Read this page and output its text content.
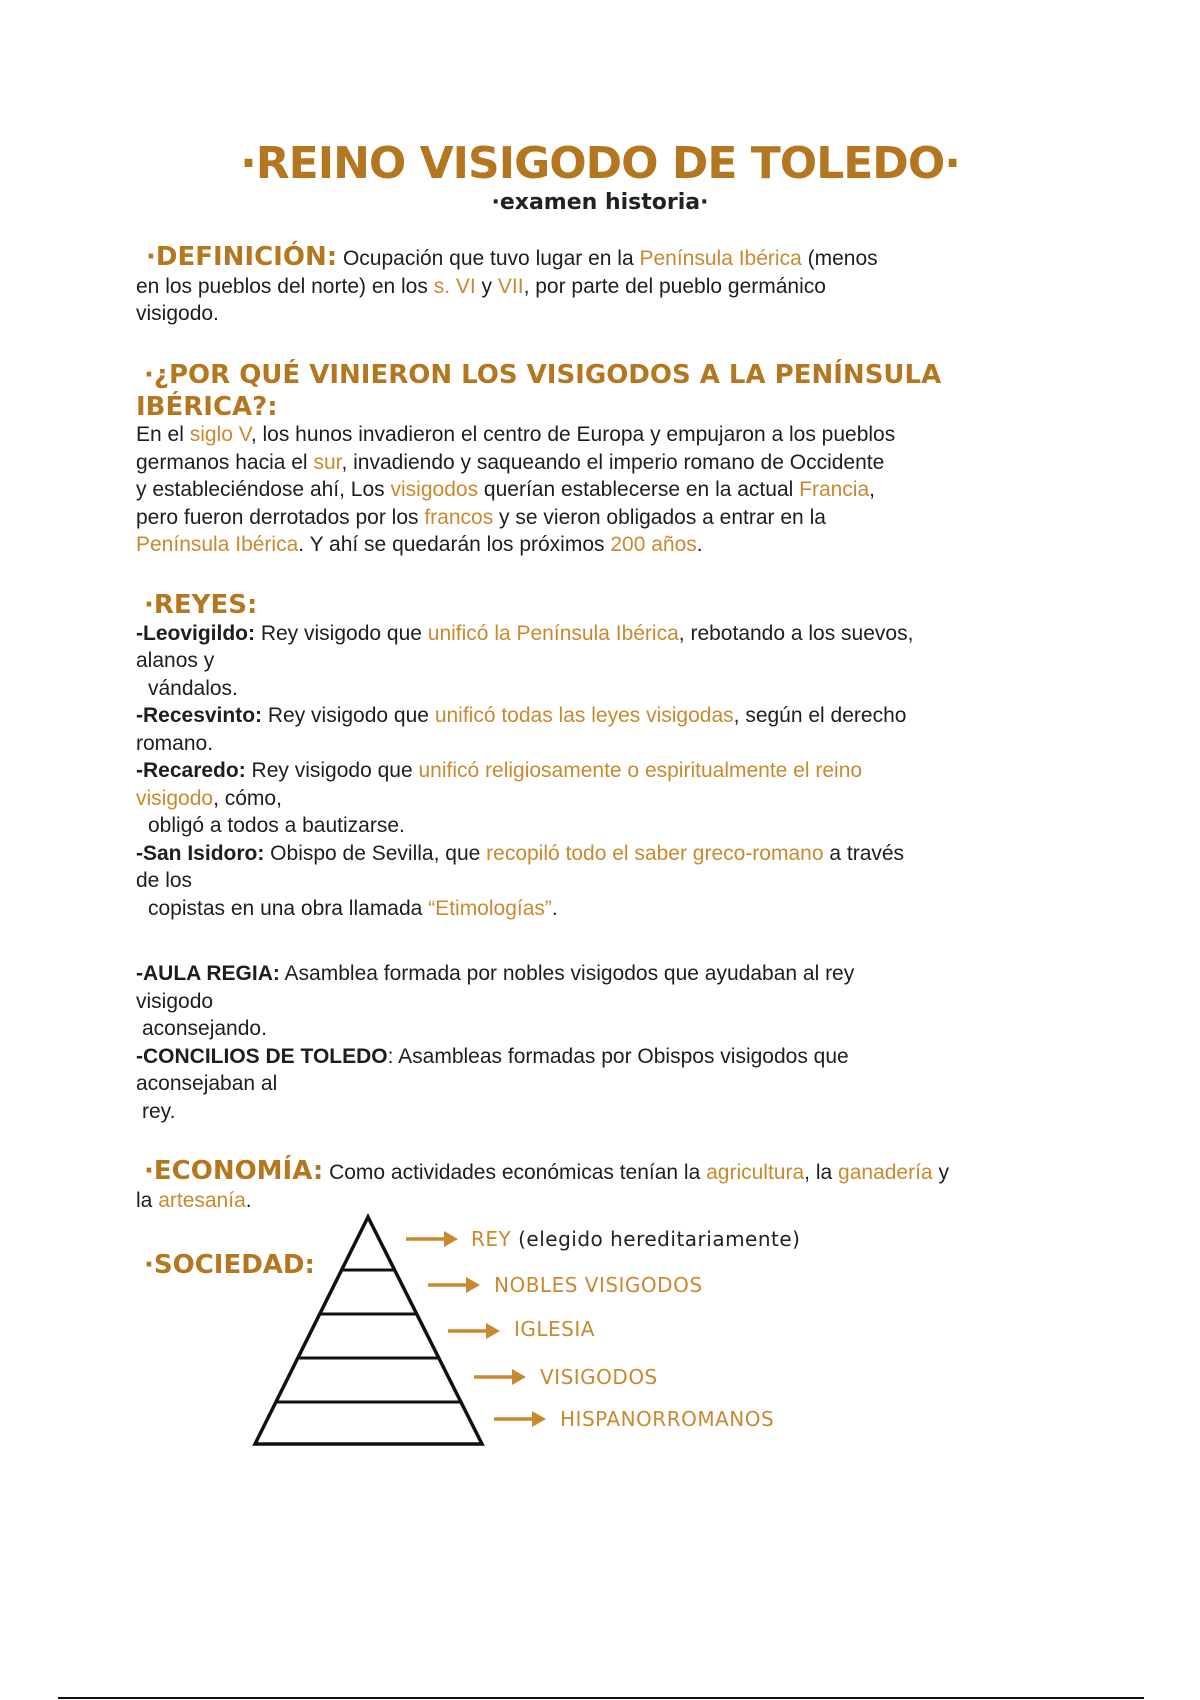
·REINO VISIGODO DE TOLEDO·
·examen historia·
·DEFINICIÓN: Ocupación que tuvo lugar en la Península Ibérica (menos
en los pueblos del norte) en los s. VI y VII, por parte del pueblo germánico
visigodo.
·¿POR QUÉ VINIERON LOS VISIGODOS A LA PENÍNSULA
IBÉRICA?:
En el siglo V, los hunos invadieron el centro de Europa y empujaron a los pueblos
germanos hacia el sur, invadiendo y saqueando el imperio romano de Occidente
y estableciéndose ahí, Los visigodos querían establecerse en la actual Francia,
pero fueron derrotados por los francos y se vieron obligados a entrar en la
Península Ibérica. Y ahí se quedarán los próximos 200 años.
·REYES:
-Leovigildo: Rey visigodo que unificó la Península Ibérica, rebotando a los suevos,
alanos y
vándalos.
-Recesvinto: Rey visigodo que unificó todas las leyes visigodas, según el derecho
romano.
-Recaredo: Rey visigodo que unificó religiosamente o espiritualmente el reino
visigodo, cómo,
obligó a todos a bautizarse.
-San Isidoro: Obispo de Sevilla, que recopiló todo el saber greco-romano a través
de los
copistas en una obra llamada “Etimologías”.
-AULA REGIA: Asamblea formada por nobles visigodos que ayudaban al rey
visigodo
aconsejando.
-CONCILIOS DE TOLEDO: Asambleas formadas por Obispos visigodos que
aconsejaban al
rey.
·ECONOMÍA: Como actividades económicas tenían la agricultura, la ganadería y
la artesanía.
·SOCIEDAD:
REY (elegido hereditariamente)
NOBLES VISIGODOS
IGLESIA
VISIGODOS
HISPANORROMANOS
